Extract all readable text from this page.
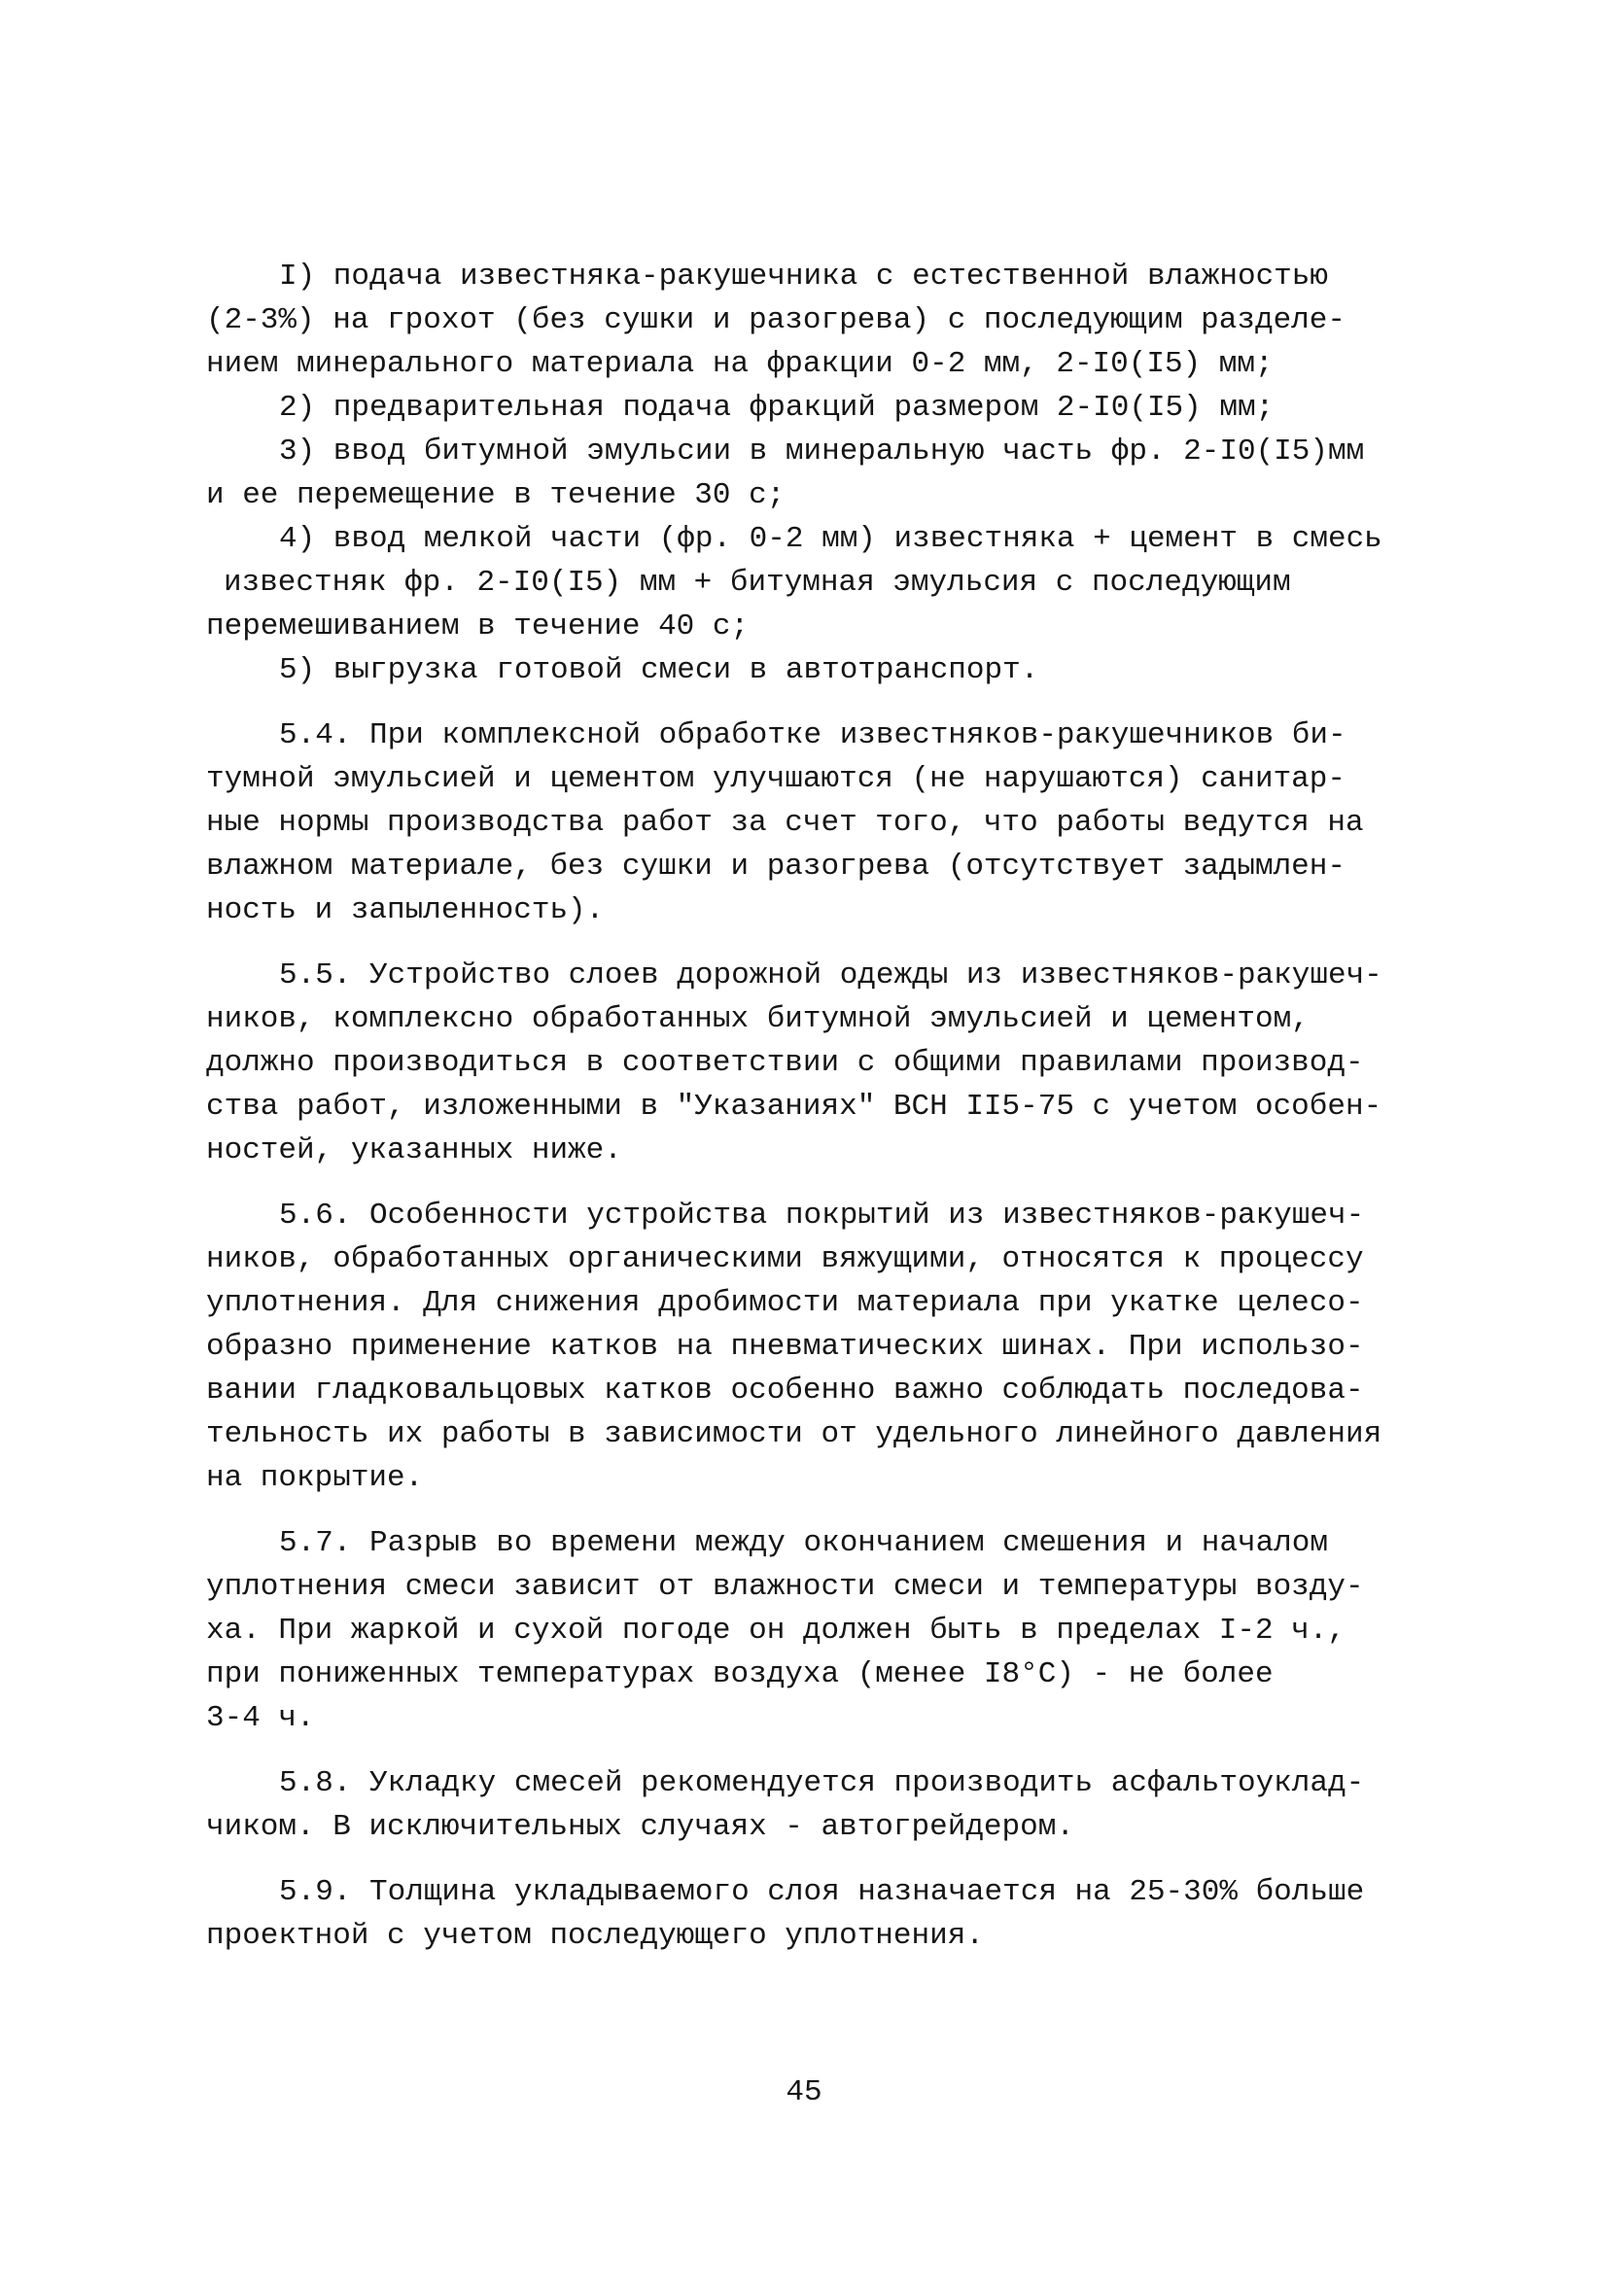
I) подача известняка-ракушечника с естественной влажностью
(2-3%) на грохот (без сушки и разогрева) с последующим разделе-
нием минерального материала на фракции 0-2 мм, 2-I0(I5) мм;
2) предварительная подача фракций размером 2-I0(I5) мм;
3) ввод битумной эмульсии в минеральную часть фр. 2-I0(I5)мм
и ее перемещение в течение 30 с;
4) ввод мелкой части (фр. 0-2 мм) известняка + цемент в смесь
известняк фр. 2-I0(I5) мм + битумная эмульсия с последующим
перемешиванием в течение 40 с;
5) выгрузка готовой смеси в автотранспорт.
5.4. При комплексной обработке известняков-ракушечников би-
тумной эмульсией и цементом улучшаются (не нарушаются) санитар-
ные нормы производства работ за счет того, что работы ведутся на
влажном материале, без сушки и разогрева (отсутствует задымлен-
ность и запыленность).
5.5. Устройство слоев дорожной одежды из известняков-ракушеч-
ников, комплексно обработанных битумной эмульсией и цементом,
должно производиться в соответствии с общими правилами производ-
ства работ, изложенными в "Указаниях" ВСН II5-75 с учетом особен-
ностей, указанных ниже.
5.6. Особенности устройства покрытий из известняков-ракушеч-
ников, обработанных органическими вяжущими, относятся к процессу
уплотнения. Для снижения дробимости материала при укатке целесо-
образно применение катков на пневматических шинах. При использо-
вании гладковальцовых катков особенно важно соблюдать последова-
тельность их работы в зависимости от удельного линейного давления
на покрытие.
5.7. Разрыв во времени между окончанием смешения и началом
уплотнения смеси зависит от влажности смеси и температуры возду-
ха. При жаркой и сухой погоде он должен быть в пределах I-2 ч.,
при пониженных температурах воздуха (менее I8°C) - не более
3-4 ч.
5.8. Укладку смесей рекомендуется производить асфальтоуклад-
чиком. В исключительных случаях - автогрейдером.
5.9. Толщина укладываемого слоя назначается на 25-30% больше
проектной с учетом последующего уплотнения.
45
